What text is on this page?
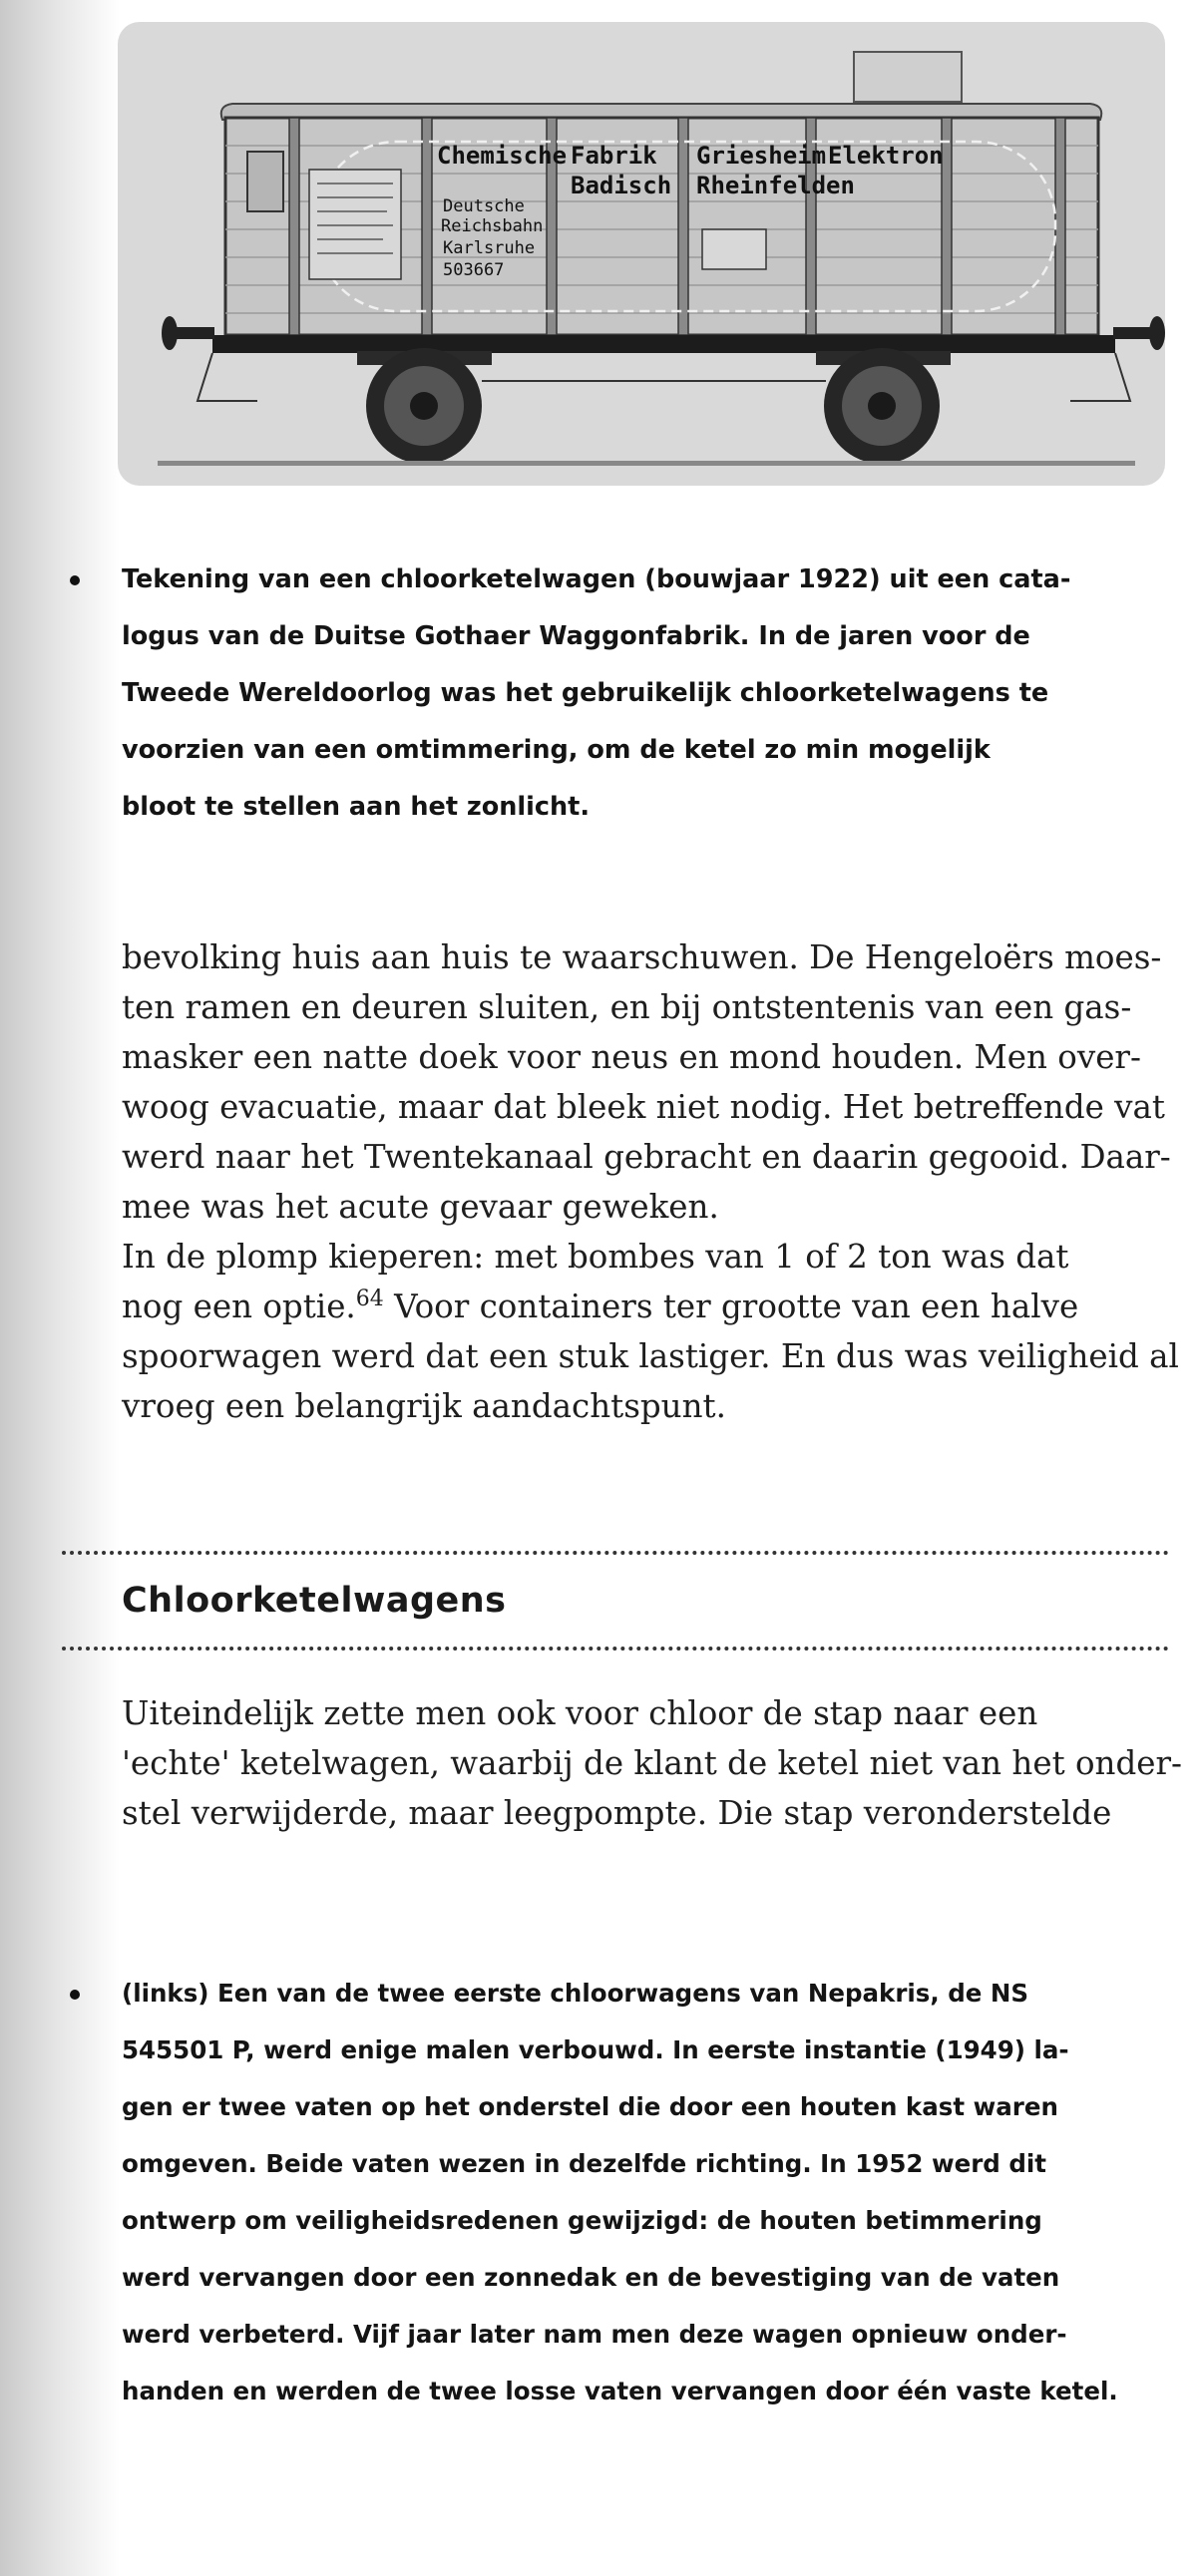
Chemische Fabrik Griesheim Elektron
Badisch Rheinfelden
Deutsche
Reichsbahn
Karlsruhe
503667
Tekening van een chloorketelwagen (bouwjaar 1922) uit een cata-
logus van de Duitse Gothaer Waggonfabrik. In de jaren voor de
Tweede Wereldoorlog was het gebruikelijk chloorketelwagens te
voorzien van een omtimmering, om de ketel zo min mogelijk
bloot te stellen aan het zonlicht.
bevolking huis aan huis te waarschuwen. De Hengeloërs moes-
ten ramen en deuren sluiten, en bij ontstentenis van een gas-
masker een natte doek voor neus en mond houden. Men over-
woog evacuatie, maar dat bleek niet nodig. Het betreffende vat
werd naar het Twentekanaal gebracht en daarin gegooid. Daar-
mee was het acute gevaar geweken.
In de plomp kieperen: met bombes van 1 of 2 ton was dat
nog een optie.$^{64}$ Voor containers ter grootte van een halve
spoorwagen werd dat een stuk lastiger. En dus was veiligheid al
vroeg een belangrijk aandachtspunt.
Chloorketelwagens
Uiteindelijk zette men ook voor chloor de stap naar een
'echte' ketelwagen, waarbij de klant de ketel niet van het onder-
stel verwijderde, maar leegpompte. Die stap veronderstelde
(links) Een van de twee eerste chloorwagens van Nepakris, de NS
545501 P, werd enige malen verbouwd. In eerste instantie (1949) la-
gen er twee vaten op het onderstel die door een houten kast waren
omgeven. Beide vaten wezen in dezelfde richting. In 1952 werd dit
ontwerp om veiligheidsredenen gewijzigd: de houten betimmering
werd vervangen door een zonnedak en de bevestiging van de vaten
werd verbeterd. Vijf jaar later nam men deze wagen opnieuw onder-
handen en werden de twee losse vaten vervangen door één vaste ketel.
